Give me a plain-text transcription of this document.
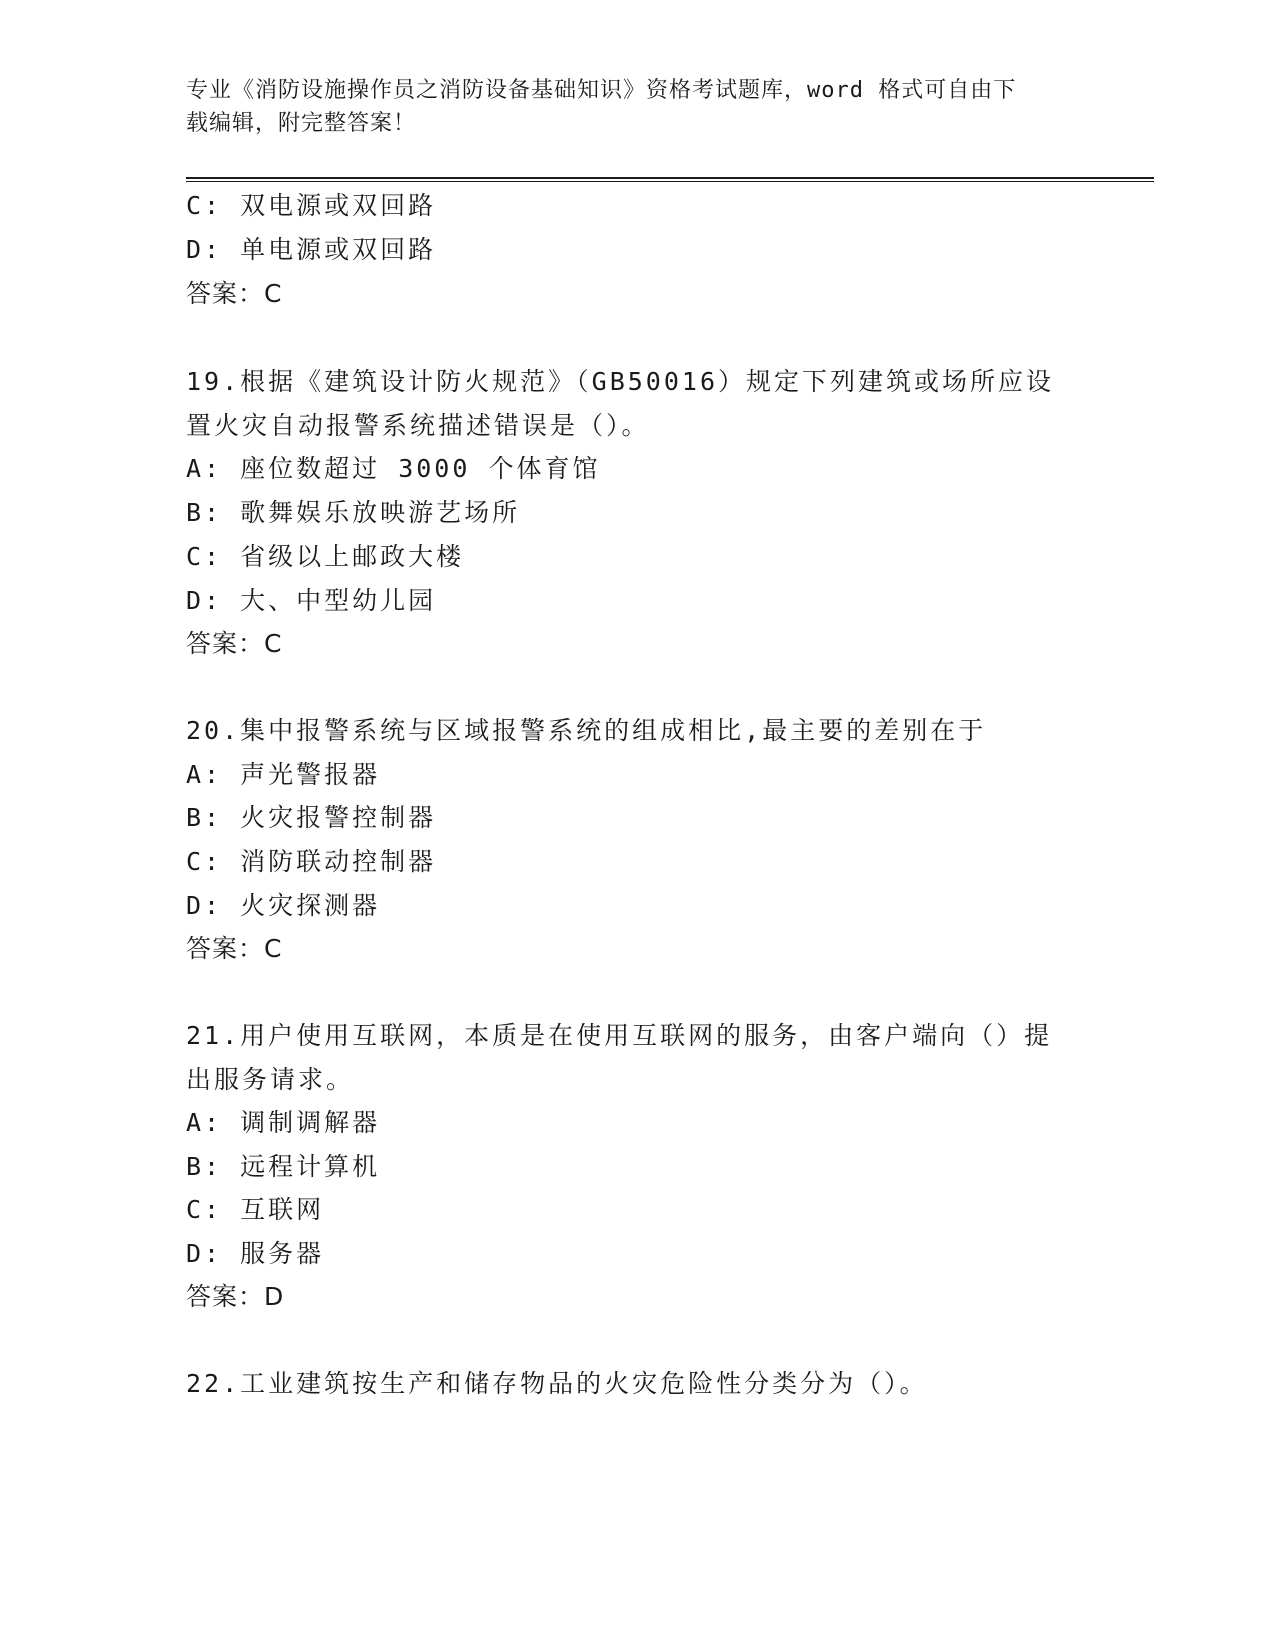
专业《消防设施操作员之消防设备基础知识》资格考试题库，word 格式可自由下
载编辑，附完整答案！
C: 双电源或双回路
D: 单电源或双回路
答案：C
19.根据《建筑设计防火规范》（GB50016）规定下列建筑或场所应设
置火灾自动报警系统描述错误是（）。
A: 座位数超过 3000 个体育馆
B: 歌舞娱乐放映游艺场所
C: 省级以上邮政大楼
D: 大、中型幼儿园
答案：C
20.集中报警系统与区域报警系统的组成相比,最主要的差别在于
A: 声光警报器
B: 火灾报警控制器
C: 消防联动控制器
D: 火灾探测器
答案：C
21.用户使用互联网，本质是在使用互联网的服务，由客户端向（）提
出服务请求。
A: 调制调解器
B: 远程计算机
C: 互联网
D: 服务器
答案：D
22.工业建筑按生产和储存物品的火灾危险性分类分为（）。
